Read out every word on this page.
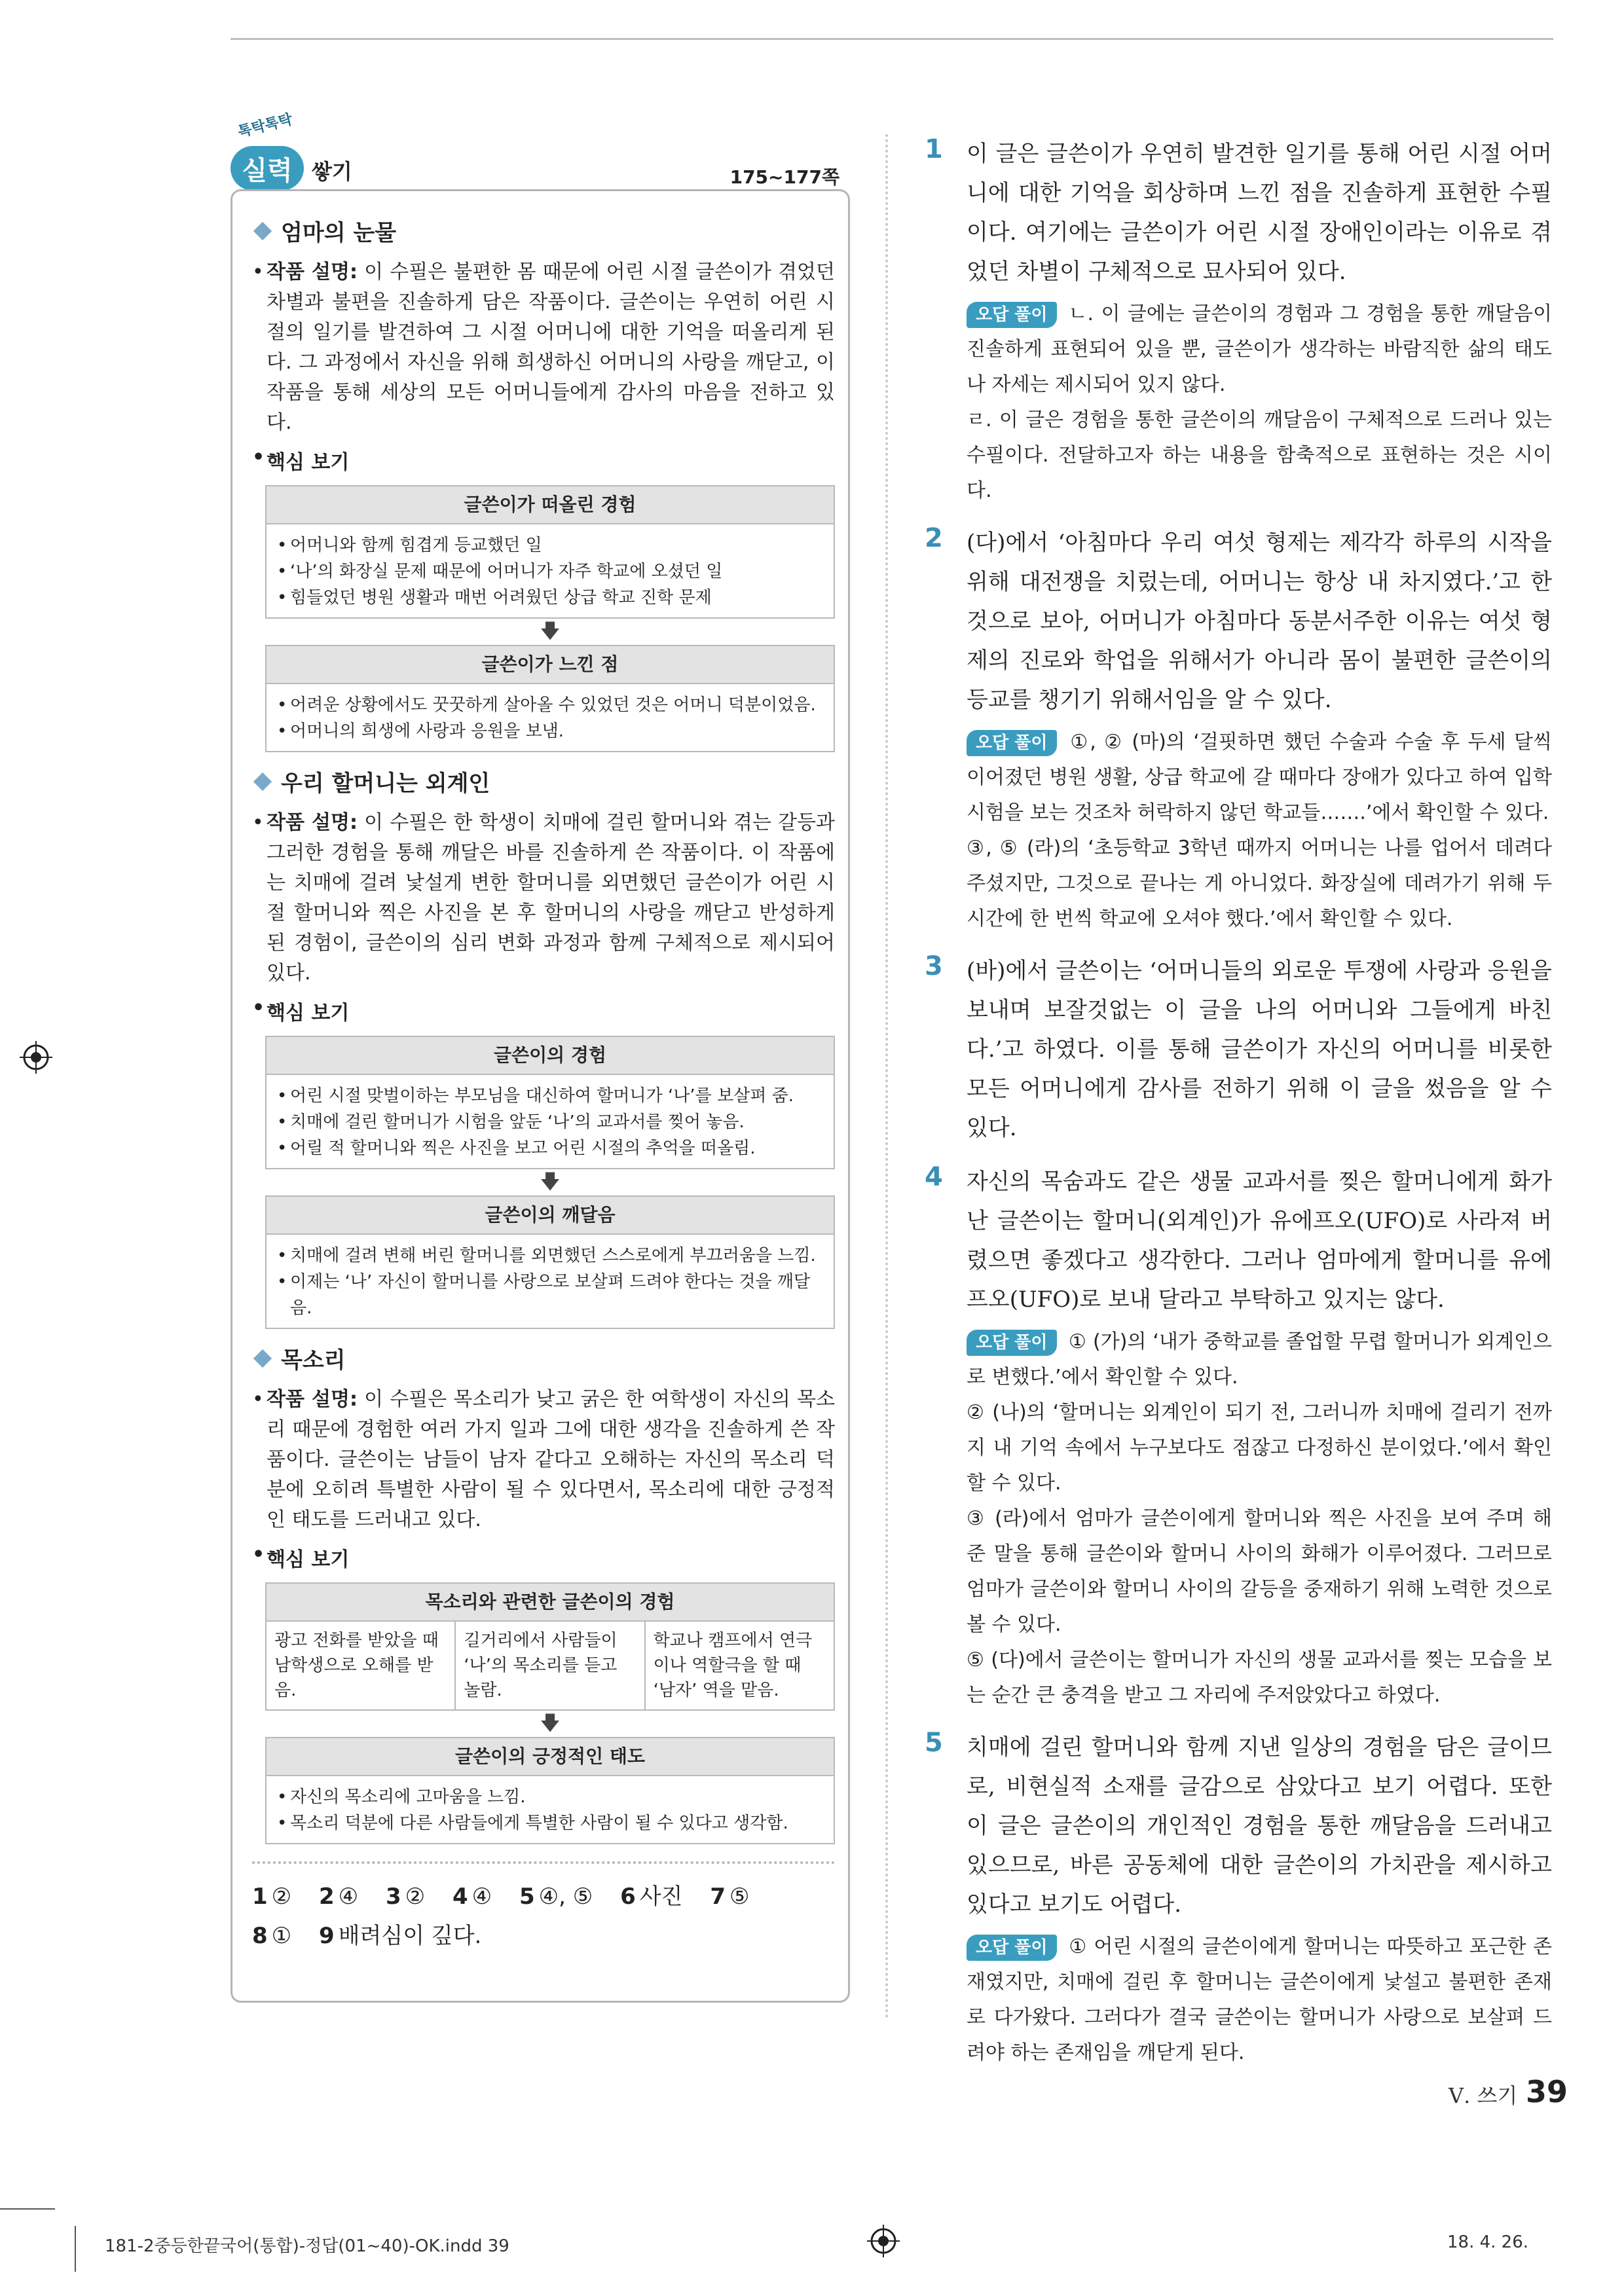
톡탁톡탁
실력 쌓기	175~177쪽
엄마의 눈물
• 작품 설명: 이 수필은 불편한 몸 때문에 어린 시절 글쓴이가 겪었던 차별과 불편을 진솔하게 담은 작품이다. 글쓴이는 우연히 어린 시절의 일기를 발견하여 그 시절 어머니에 대한 기억을 떠올리게 된다. 그 과정에서 자신을 위해 희생하신 어머니의 사랑을 깨닫고, 이 작품을 통해 세상의 모든 어머니들에게 감사의 마음을 전하고 있다.
• 핵심 보기
글쓴이가 떠올린 경험
• 어머니와 함께 힘겹게 등교했던 일
• ‘나’의 화장실 문제 때문에 어머니가 자주 학교에 오셨던 일
• 힘들었던 병원 생활과 매번 어려웠던 상급 학교 진학 문제
🡇
글쓴이가 느낀 점
• 어려운 상황에서도 꿋꿋하게 살아올 수 있었던 것은 어머니 덕분이었음.
• 어머니의 희생에 사랑과 응원을 보냄.
우리 할머니는 외계인
• 작품 설명: 이 수필은 한 학생이 치매에 걸린 할머니와 겪는 갈등과 그러한 경험을 통해 깨달은 바를 진솔하게 쓴 작품이다. 이 작품에는 치매에 걸려 낯설게 변한 할머니를 외면했던 글쓴이가 어린 시절 할머니와 찍은 사진을 본 후 할머니의 사랑을 깨닫고 반성하게 된 경험이, 글쓴이의 심리 변화 과정과 함께 구체적으로 제시되어 있다.
• 핵심 보기
글쓴이의 경험
• 어린 시절 맞벌이하는 부모님을 대신하여 할머니가 ‘나’를 보살펴 줌.
• 치매에 걸린 할머니가 시험을 앞둔 ‘나’의 교과서를 찢어 놓음.
• 어릴 적 할머니와 찍은 사진을 보고 어린 시절의 추억을 떠올림.
🡇
글쓴이의 깨달음
• 치매에 걸려 변해 버린 할머니를 외면했던 스스로에게 부끄러움을 느낌.
• 이제는 ‘나’ 자신이 할머니를 사랑으로 보살펴 드려야 한다는 것을 깨달음.
목소리
• 작품 설명: 이 수필은 목소리가 낮고 굵은 한 여학생이 자신의 목소리 때문에 경험한 여러 가지 일과 그에 대한 생각을 진솔하게 쓴 작품이다. 글쓴이는 남들이 남자 같다고 오해하는 자신의 목소리 덕분에 오히려 특별한 사람이 될 수 있다면서, 목소리에 대한 긍정적인 태도를 드러내고 있다.
• 핵심 보기
목소리와 관련한 글쓴이의 경험
광고 전화를 받았을 때 남학생으로 오해를 받음.
길거리에서 사람들이 ‘나’의 목소리를 듣고 놀람.
학교나 캠프에서 연극이나 역할극을 할 때 ‘남자’ 역을 맡음.
🡇
글쓴이의 긍정적인 태도
• 자신의 목소리에 고마움을 느낌.
• 목소리 덕분에 다른 사람들에게 특별한 사람이 될 수 있다고 생각함.
1 ② 2 ④ 3 ② 4 ④ 5 ④, ⑤ 6 사진 7 ⑤
8 ① 9 배려심이 깊다.
1 이 글은 글쓴이가 우연히 발견한 일기를 통해 어린 시절 어머니에 대한 기억을 회상하며 느낀 점을 진솔하게 표현한 수필이다. 여기에는 글쓴이가 어린 시절 장애인이라는 이유로 겪었던 차별이 구체적으로 묘사되어 있다.

오답 풀이 ㄴ. 이 글에는 글쓴이의 경험과 그 경험을 통한 깨달음이 진솔하게 표현되어 있을 뿐, 글쓴이가 생각하는 바람직한 삶의 태도나 자세는 제시되어 있지 않다.

ㄹ. 이 글은 경험을 통한 글쓴이의 깨달음이 구체적으로 드러나 있는 수필이다. 전달하고자 하는 내용을 함축적으로 표현하는 것은 시이다.

2 (다)에서 ‘아침마다 우리 여섯 형제는 제각각 하루의 시작을 위해 대전쟁을 치렀는데, 어머니는 항상 내 차지였다.’고 한 것으로 보아, 어머니가 아침마다 동분서주한 이유는 여섯 형제의 진로와 학업을 위해서가 아니라 몸이 불편한 글쓴이의 등교를 챙기기 위해서임을 알 수 있다.

오답 풀이 ①, ② (마)의 ‘걸핏하면 했던 수술과 수술 후 두세 달씩 이어졌던 병원 생활, 상급 학교에 갈 때마다 장애가 있다고 하여 입학시험을 보는 것조차 허락하지 않던 학교들…….’에서 확인할 수 있다.

③, ⑤ (라)의 ‘초등학교 3학년 때까지 어머니는 나를 업어서 데려다주셨지만, 그것으로 끝나는 게 아니었다. 화장실에 데려가기 위해 두 시간에 한 번씩 학교에 오셔야 했다.’에서 확인할 수 있다.

3 (바)에서 글쓴이는 ‘어머니들의 외로운 투쟁에 사랑과 응원을 보내며 보잘것없는 이 글을 나의 어머니와 그들에게 바친다.’고 하였다. 이를 통해 글쓴이가 자신의 어머니를 비롯한 모든 어머니에게 감사를 전하기 위해 이 글을 썼음을 알 수 있다.
4 자신의 목숨과도 같은 생물 교과서를 찢은 할머니에게 화가 난 글쓴이는 할머니(외계인)가 유에프오(UFO)로 사라져 버렸으면 좋겠다고 생각한다. 그러나 엄마에게 할머니를 유에프오(UFO)로 보내 달라고 부탁하고 있지는 않다.

오답 풀이 ① (가)의 ‘내가 중학교를 졸업할 무렵 할머니가 외계인으로 변했다.’에서 확인할 수 있다.

② (나)의 ‘할머니는 외계인이 되기 전, 그러니까 치매에 걸리기 전까지 내 기억 속에서 누구보다도 점잖고 다정하신 분이었다.’에서 확인할 수 있다.

③ (라)에서 엄마가 글쓴이에게 할머니와 찍은 사진을 보여 주며 해 준 말을 통해 글쓴이와 할머니 사이의 화해가 이루어졌다. 그러므로 엄마가 글쓴이와 할머니 사이의 갈등을 중재하기 위해 노력한 것으로 볼 수 있다.

⑤ (다)에서 글쓴이는 할머니가 자신의 생물 교과서를 찢는 모습을 보는 순간 큰 충격을 받고 그 자리에 주저앉았다고 하였다.

5 치매에 걸린 할머니와 함께 지낸 일상의 경험을 담은 글이므로, 비현실적 소재를 글감으로 삼았다고 보기 어렵다. 또한 이 글은 글쓴이의 개인적인 경험을 통한 깨달음을 드러내고 있으므로, 바른 공동체에 대한 글쓴이의 가치관을 제시하고 있다고 보기도 어렵다.

오답 풀이 ① 어린 시절의 글쓴이에게 할머니는 따뜻하고 포근한 존재였지만, 치매에 걸린 후 할머니는 글쓴이에게 낯설고 불편한 존재로 다가왔다. 그러다가 결국 글쓴이는 할머니가 사랑으로 보살펴 드려야 하는 존재임을 깨닫게 된다.

Ⅴ. 쓰기 39
181-2중등한끝국어(통합)-정답(01~40)-OK.indd 39	18. 4. 26.
